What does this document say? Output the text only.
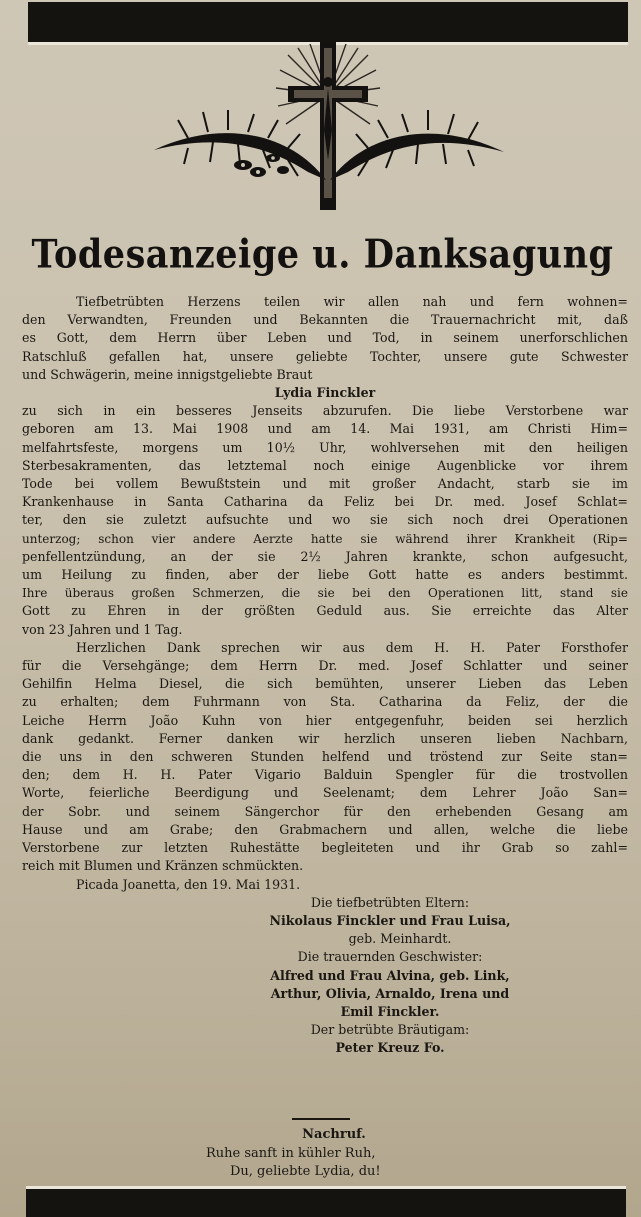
Todesanzeige u. Danksagung
Tiefbetrübten Herzens teilen wir allen nah und fern wohnen=
den Verwandten, Freunden und Bekannten die Trauernachricht mit, daß
es Gott, dem Herrn über Leben und Tod, in seinem unerforschlichen
Ratschluß gefallen hat, unsere geliebte Tochter, unsere gute Schwester
und Schwägerin, meine innigstgeliebte Braut
Lydia Finckler
zu sich in ein besseres Jenseits abzurufen. Die liebe Verstorbene war
geboren am 13. Mai 1908 und am 14. Mai 1931, am Christi Him=
melfahrtsfeste, morgens um 10½ Uhr, wohlversehen mit den heiligen
Sterbesakramenten, das letztemal noch einige Augenblicke vor ihrem
Tode bei vollem Bewußtstein und mit großer Andacht, starb sie im
Krankenhause in Santa Catharina da Feliz bei Dr. med. Josef Schlat=
ter, den sie zuletzt aufsuchte und wo sie sich noch drei Operationen
unterzog; schon vier andere Aerzte hatte sie während ihrer Krankheit (Rip=
penfellentzündung, an der sie 2½ Jahren krankte, schon aufgesucht,
um Heilung zu finden, aber der liebe Gott hatte es anders bestimmt.
Ihre überaus großen Schmerzen, die sie bei den Operationen litt, stand sie
Gott zu Ehren in der größten Geduld aus. Sie erreichte das Alter
von 23 Jahren und 1 Tag.
Herzlichen Dank sprechen wir aus dem H. H. Pater Forsthofer
für die Versehgänge; dem Herrn Dr. med. Josef Schlatter und seiner
Gehilfin Helma Diesel, die sich bemühten, unserer Lieben das Leben
zu erhalten; dem Fuhrmann von Sta. Catharina da Feliz, der die
Leiche Herrn João Kuhn von hier entgegenfuhr, beiden sei herzlich
dank gedankt. Ferner danken wir herzlich unseren lieben Nachbarn,
die uns in den schweren Stunden helfend und tröstend zur Seite stan=
den; dem H. H. Pater Vigario Balduin Spengler für die trostvollen
Worte, feierliche Beerdigung und Seelenamt; dem Lehrer João San=
der Sobr. und seinem Sängerchor für den erhebenden Gesang am
Hause und am Grabe; den Grabmachern und allen, welche die liebe
Verstorbene zur letzten Ruhestätte begleiteten und ihr Grab so zahl=
reich mit Blumen und Kränzen schmückten.
Picada Joanetta, den 19. Mai 1931.
Die tiefbetrübten Eltern:
Nikolaus Finckler und Frau Luisa,
geb. Meinhardt.
Die trauernden Geschwister:
Alfred und Frau Alvina, geb. Link,
Arthur, Olivia, Arnaldo, Irena und
Emil Finckler.
Der betrübte Bräutigam:
Peter Kreuz Fo.
Nachruf.
Ruhe sanft in kühler Ruh,
Du, geliebte Lydia, du!
